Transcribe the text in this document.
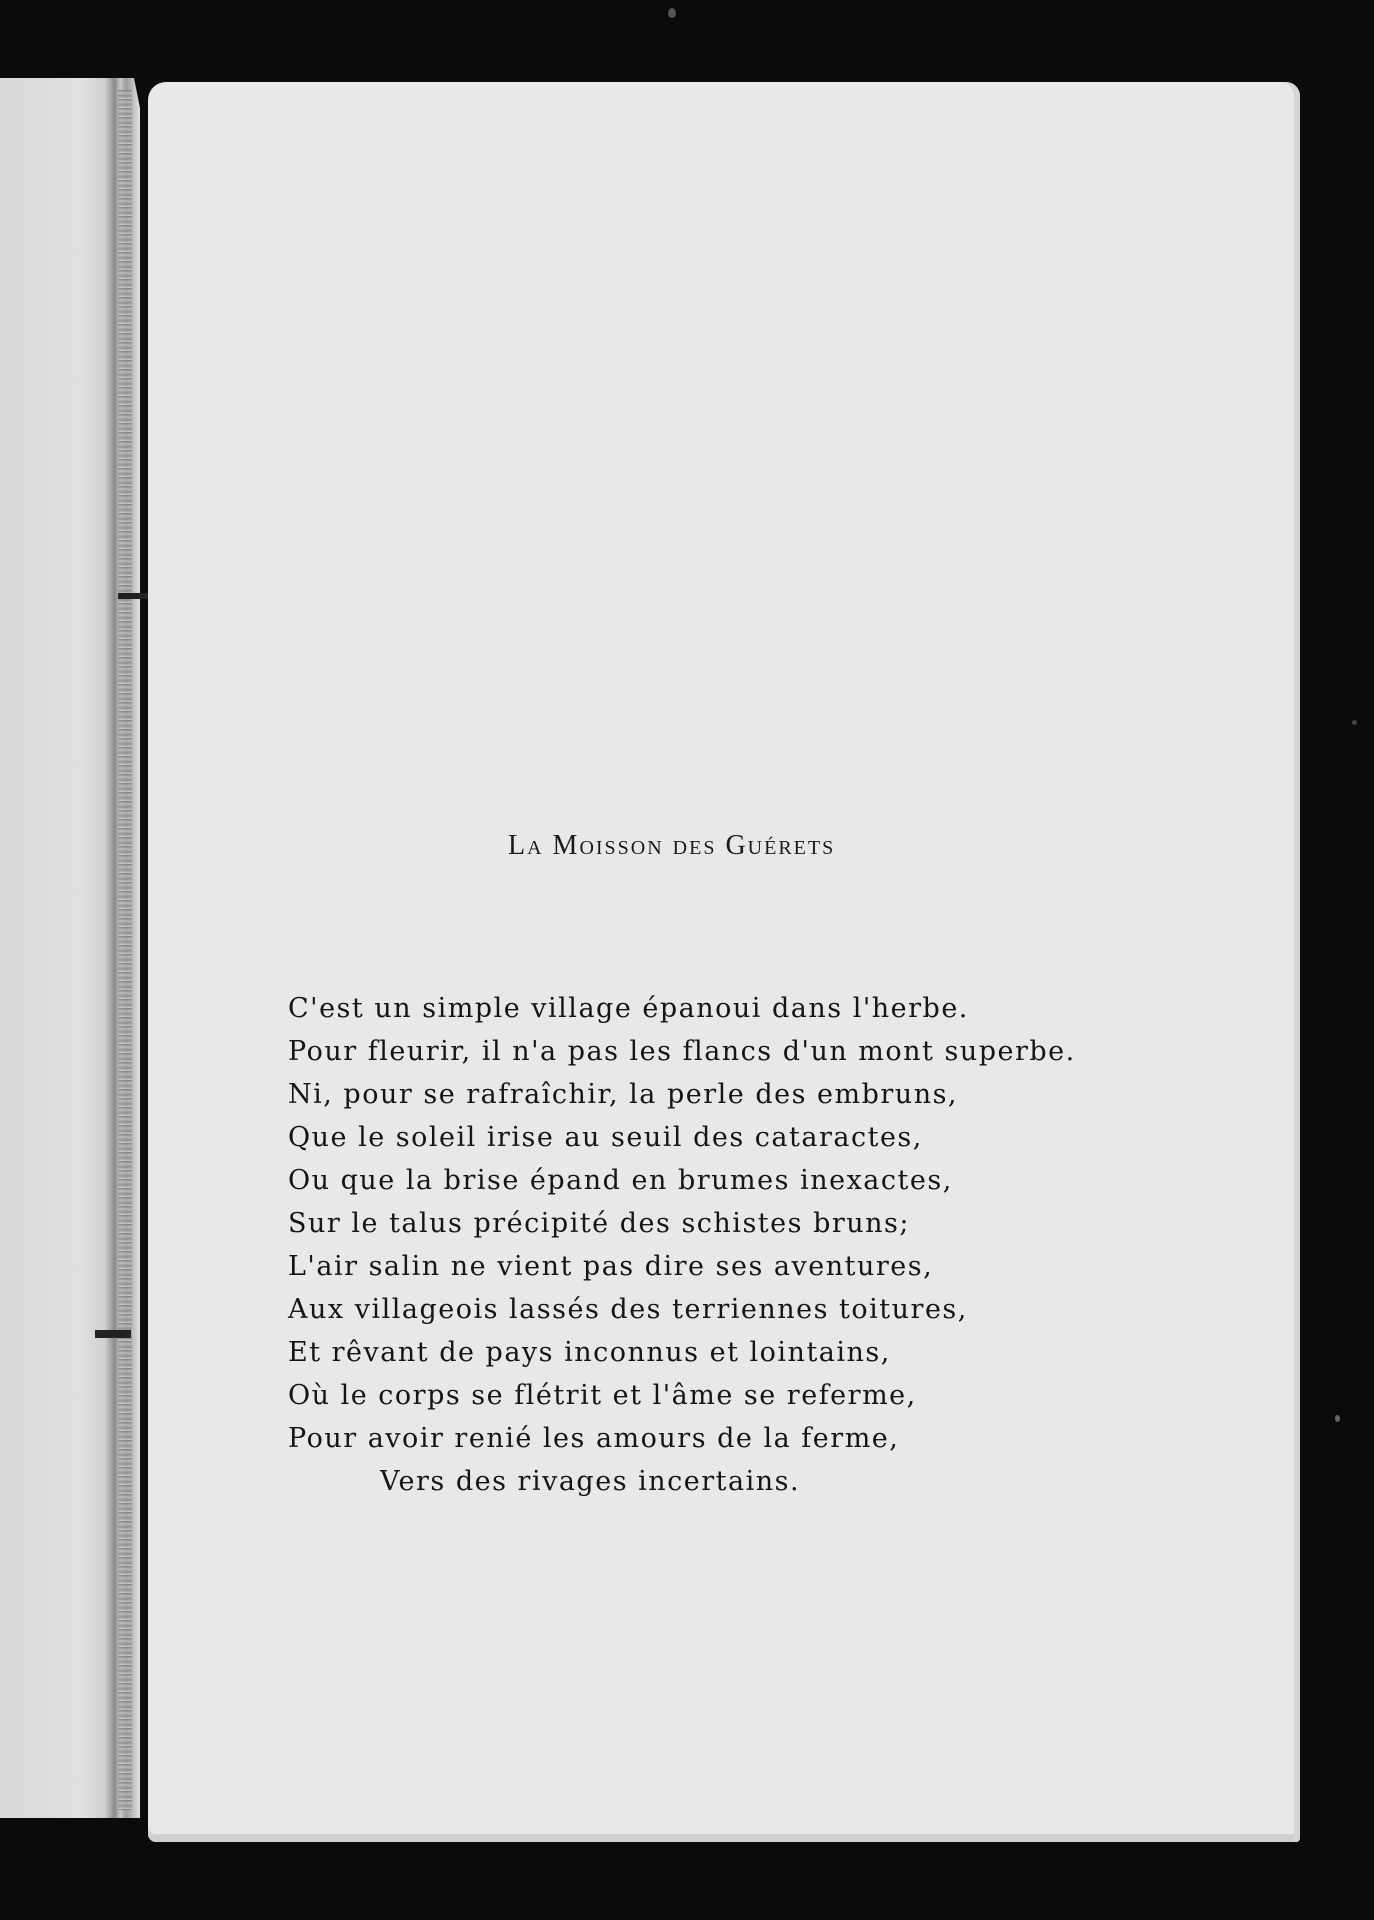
La Moisson des Guérets
C'est un simple village épanoui dans l'herbe.
Pour fleurir, il n'a pas les flancs d'un mont superbe.
Ni, pour se rafraîchir, la perle des embruns,
Que le soleil irise au seuil des cataractes,
Ou que la brise épand en brumes inexactes,
Sur le talus précipité des schistes bruns;
L'air salin ne vient pas dire ses aventures,
Aux villageois lassés des terriennes toitures,
Et rêvant de pays inconnus et lointains,
Où le corps se flétrit et l'âme se referme,
Pour avoir renié les amours de la ferme,
Vers des rivages incertains.
